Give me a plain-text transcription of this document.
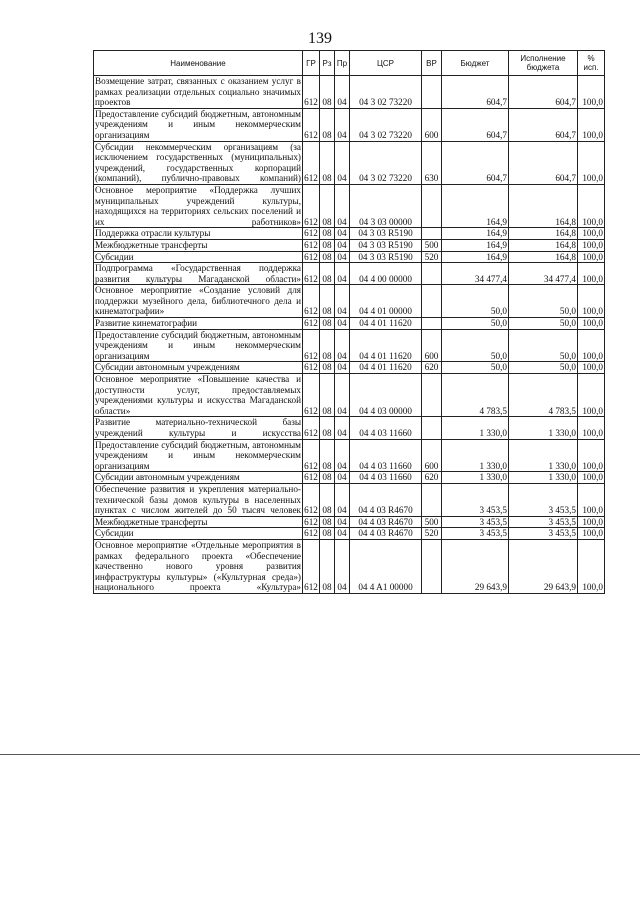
139
Наименование	ГР	Рз	Пр	ЦСР	ВР	Бюджет	Исполнение бюджета	% исп.
Возмещение затрат, связанных с оказанием услуг в рамках реализации отдельных социально значимых проектов	612	08	04	04 3 02 73220		604,7	604,7	100,0
Предоставление субсидий бюджетным, автономным учреждениям и иным некоммерческим организациям	612	08	04	04 3 02 73220	600	604,7	604,7	100,0
Субсидии некоммерческим организациям (за исключением государственных (муниципальных) учреждений, государственных корпораций (компаний), публично-правовых компаний)	612	08	04	04 3 02 73220	630	604,7	604,7	100,0
Основное мероприятие «Поддержка лучших муниципальных учреждений культуры, находящихся на территориях сельских поселений и их работников»	612	08	04	04 3 03 00000		164,9	164,8	100,0
Поддержка отрасли культуры	612	08	04	04 3 03 R5190		164,9	164,8	100,0
Межбюджетные трансферты	612	08	04	04 3 03 R5190	500	164,9	164,8	100,0
Субсидии	612	08	04	04 3 03 R5190	520	164,9	164,8	100,0
Подпрограмма «Государственная поддержка развития культуры Магаданской области»	612	08	04	04 4 00 00000		34 477,4	34 477,4	100,0
Основное мероприятие «Создание условий для поддержки музейного дела, библиотечного дела и кинематографии»	612	08	04	04 4 01 00000		50,0	50,0	100,0
Развитие кинематографии	612	08	04	04 4 01 11620		50,0	50,0	100,0
Предоставление субсидий бюджетным, автономным учреждениям и иным некоммерческим организациям	612	08	04	04 4 01 11620	600	50,0	50,0	100,0
Субсидии автономным учреждениям	612	08	04	04 4 01 11620	620	50,0	50,0	100,0
Основное мероприятие «Повышение качества и доступности услуг, предоставляемых учреждениями культуры и искусства Магаданской области»	612	08	04	04 4 03 00000		4 783,5	4 783,5	100,0
Развитие материально-технической базы учреждений культуры и искусства	612	08	04	04 4 03 11660		1 330,0	1 330,0	100,0
Предоставление субсидий бюджетным, автономным учреждениям и иным некоммерческим организациям	612	08	04	04 4 03 11660	600	1 330,0	1 330,0	100,0
Субсидии автономным учреждениям	612	08	04	04 4 03 11660	620	1 330,0	1 330,0	100,0
Обеспечение развития и укрепления материально-технической базы домов культуры в населенных пунктах с числом жителей до 50 тысяч человек	612	08	04	04 4 03 R4670		3 453,5	3 453,5	100,0
Межбюджетные трансферты	612	08	04	04 4 03 R4670	500	3 453,5	3 453,5	100,0
Субсидии	612	08	04	04 4 03 R4670	520	3 453,5	3 453,5	100,0
Основное мероприятие «Отдельные мероприятия в рамках федерального проекта «Обеспечение качественно нового уровня развития инфраструктуры культуры» («Культурная среда») национального проекта «Культура»	612	08	04	04 4 A1 00000		29 643,9	29 643,9	100,0
